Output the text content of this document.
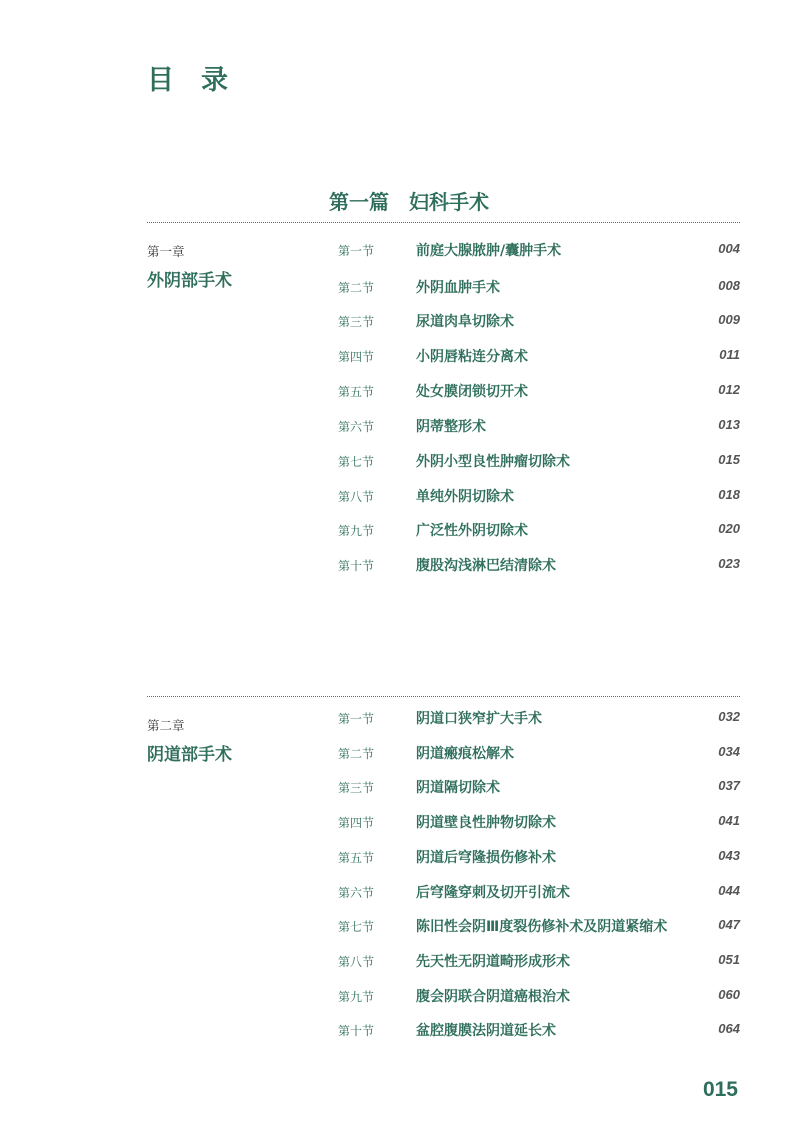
目　录
第一篇　妇科手术
第一章
外阴部手术
第一节	前庭大腺脓肿/囊肿手术	004
第二节	外阴血肿手术	008
第三节	尿道肉阜切除术	009
第四节	小阴唇粘连分离术	011
第五节	处女膜闭锁切开术	012
第六节	阴蒂整形术	013
第七节	外阴小型良性肿瘤切除术	015
第八节	单纯外阴切除术	018
第九节	广泛性外阴切除术	020
第十节	腹股沟浅淋巴结清除术	023
第二章
阴道部手术
第一节	阴道口狭窄扩大手术	032
第二节	阴道瘢痕松解术	034
第三节	阴道隔切除术	037
第四节	阴道壁良性肿物切除术	041
第五节	阴道后穹隆损伤修补术	043
第六节	后穹隆穿刺及切开引流术	044
第七节	陈旧性会阴Ⅲ度裂伤修补术及阴道紧缩术	047
第八节	先天性无阴道畸形成形术	051
第九节	腹会阴联合阴道癌根治术	060
第十节	盆腔腹膜法阴道延长术	064
015
